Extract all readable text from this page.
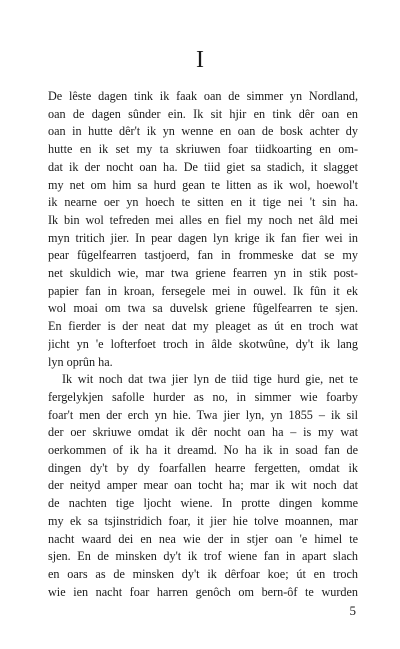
I
De lêste dagen tink ik faak oan de simmer yn Nordland,
oan de dagen sûnder ein. Ik sit hjir en tink dêr oan en
oan in hutte dêr't ik yn wenne en oan de bosk achter dy
hutte en ik set my ta skriuwen foar tiidkoarting en om-
dat ik der nocht oan ha. De tiid giet sa stadich, it slagget
my net om him sa hurd gean te litten as ik wol, hoewol't
ik nearne oer yn hoech te sitten en it tige nei 't sin ha.
Ik bin wol tefreden mei alles en fiel my noch net âld mei
myn tritich jier. In pear dagen lyn krige ik fan fier wei in
pear fûgelfearren tastjoerd, fan in frommeske dat se my
net skuldich wie, mar twa griene fearren yn in stik post-
papier fan in kroan, fersegele mei in ouwel. Ik fûn it ek
wol moai om twa sa duvelsk griene fûgelfearren te sjen.
En fierder is der neat dat my pleaget as út en troch wat
jicht yn 'e lofterfoet troch in âlde skotwûne, dy't ik lang
lyn oprûn ha.
Ik wit noch dat twa jier lyn de tiid tige hurd gie, net te
fergelykjen safolle hurder as no, in simmer wie foarby
foar't men der erch yn hie. Twa jier lyn, yn 1855 – ik sil
der oer skriuwe omdat ik dêr nocht oan ha – is my wat
oerkommen of ik ha it dreamd. No ha ik in soad fan de
dingen dy't by dy foarfallen hearre fergetten, omdat ik
der neityd amper mear oan tocht ha; mar ik wit noch dat
de nachten tige ljocht wiene. In protte dingen komme
my ek sa tsjinstridich foar, it jier hie tolve moannen, mar
nacht waard dei en nea wie der in stjer oan 'e himel te
sjen. En de minsken dy't ik trof wiene fan in apart slach
en oars as de minsken dy't ik dêrfoar koe; út en troch
wie ien nacht foar harren genôch om bern-ôf te wurden
5
